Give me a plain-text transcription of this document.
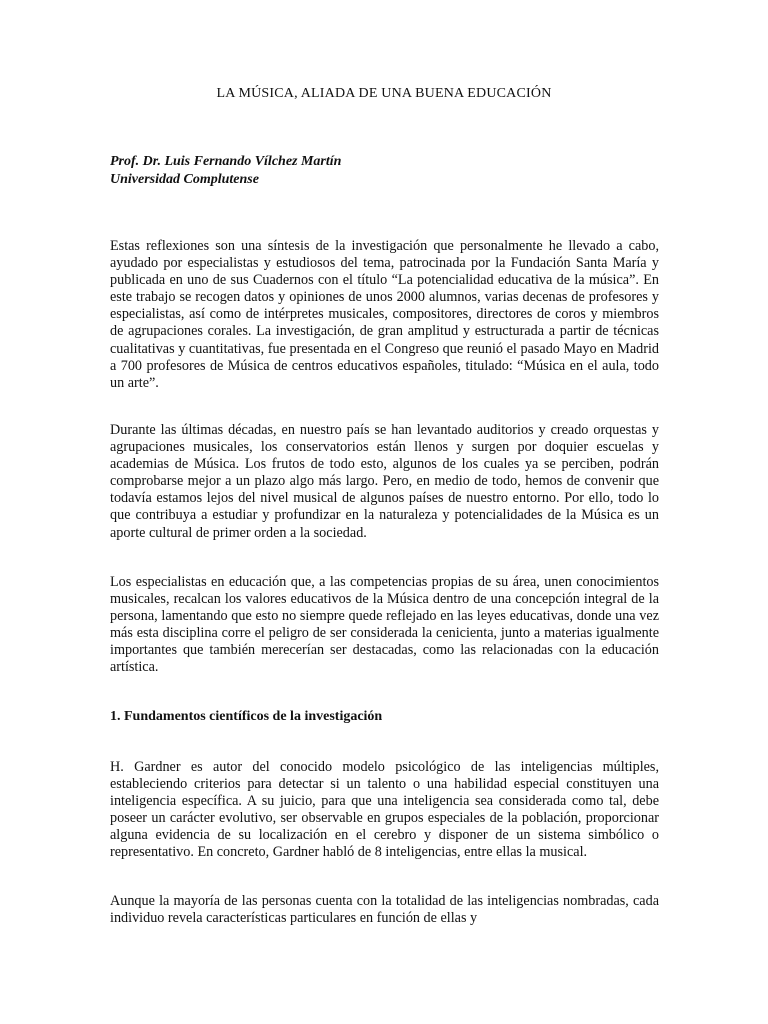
LA MÚSICA, ALIADA DE UNA BUENA EDUCACIÓN
Prof. Dr. Luis Fernando Vílchez Martín
Universidad Complutense

Estas reflexiones son una síntesis de la investigación que personalmente he llevado a cabo, ayudado por especialistas y estudiosos del tema, patrocinada por la Fundación Santa María y publicada en uno de sus Cuadernos con el título “La potencialidad educativa de la música”. En este trabajo se recogen datos y opiniones de unos 2000 alumnos, varias decenas de profesores y especialistas, así como de intérpretes musicales, compositores, directores de coros y miembros de agrupaciones corales. La investigación, de gran amplitud y estructurada a partir de técnicas cualitativas y cuantitativas, fue presentada en el Congreso que reunió el pasado Mayo en Madrid a 700 profesores de Música de centros educativos españoles, titulado: “Música en el aula, todo un arte”.

Durante las últimas décadas, en nuestro país se han levantado auditorios y creado orquestas y agrupaciones musicales, los conservatorios están llenos y surgen por doquier escuelas y academias de Música. Los frutos de todo esto, algunos de los cuales ya se perciben, podrán comprobarse mejor a un plazo algo más largo. Pero, en medio de todo, hemos de convenir que todavía estamos lejos del nivel musical de algunos países de nuestro entorno. Por ello, todo lo que contribuya a estudiar y profundizar en la naturaleza y potencialidades de la Música es un aporte cultural de primer orden a la sociedad.

Los especialistas en educación que, a las competencias propias de su área, unen conocimientos musicales, recalcan los valores educativos de la Música dentro de una concepción integral de la persona, lamentando que esto no siempre quede reflejado en las leyes educativas, donde una vez más esta disciplina corre el peligro de ser considerada la cenicienta, junto a materias igualmente importantes que también merecerían ser destacadas, como las relacionadas con la educación artística.

1. Fundamentos científicos de la investigación

H. Gardner es autor del conocido modelo psicológico de las inteligencias múltiples, estableciendo criterios para detectar si un talento o una habilidad especial constituyen una inteligencia específica. A su juicio, para que una inteligencia sea considerada como tal, debe poseer un carácter evolutivo, ser observable en grupos especiales de la población, proporcionar alguna evidencia de su localización en el cerebro y disponer de un sistema simbólico o representativo. En concreto, Gardner habló de 8 inteligencias, entre ellas la musical.

Aunque la mayoría de las personas cuenta con la totalidad de las inteligencias nombradas, cada individuo revela características particulares en función de ellas y
